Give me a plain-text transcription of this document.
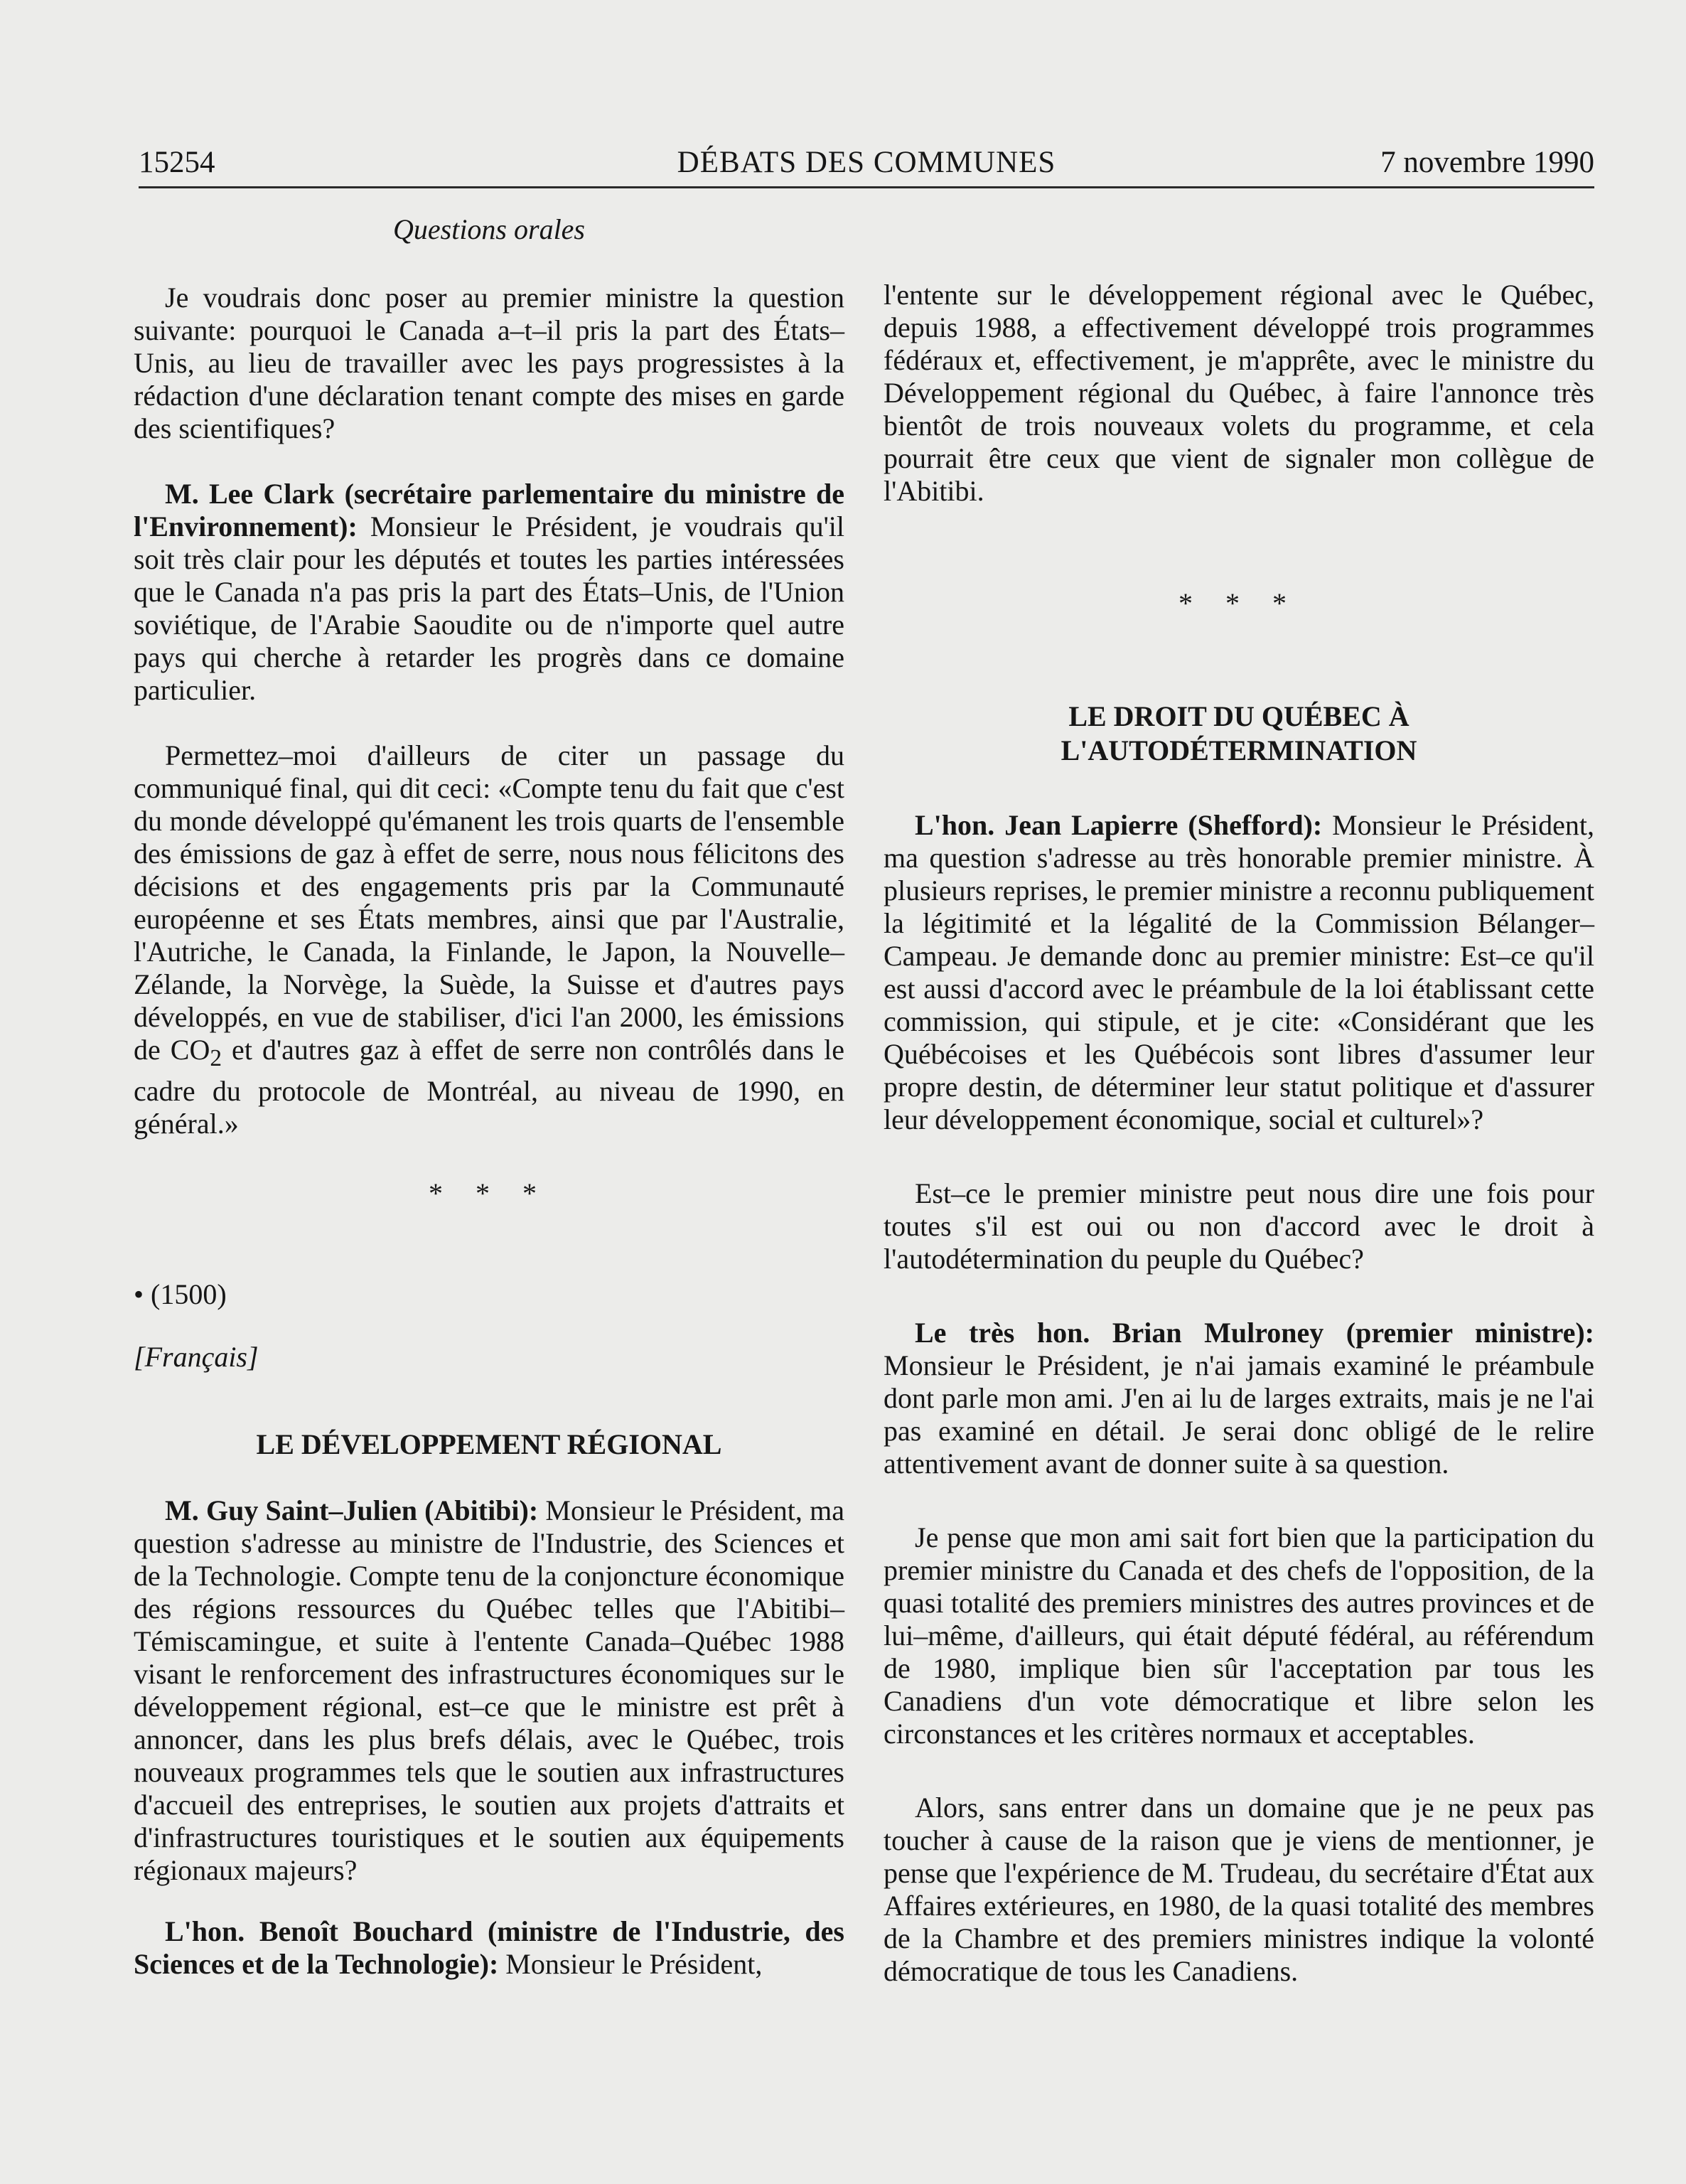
15254	DÉBATS DES COMMUNES	7 novembre 1990
Questions orales

Je voudrais donc poser au premier ministre la question suivante: pourquoi le Canada a–t–il pris la part des États–Unis, au lieu de travailler avec les pays progressistes à la rédaction d'une déclaration tenant compte des mises en garde des scientifiques?

M. Lee Clark (secrétaire parlementaire du ministre de l'Environnement): Monsieur le Président, je voudrais qu'il soit très clair pour les députés et toutes les parties intéressées que le Canada n'a pas pris la part des États–Unis, de l'Union soviétique, de l'Arabie Saoudite ou de n'importe quel autre pays qui cherche à retarder les progrès dans ce domaine particulier.

Permettez–moi d'ailleurs de citer un passage du communiqué final, qui dit ceci: «Compte tenu du fait que c'est du monde développé qu'émanent les trois quarts de l'ensemble des émissions de gaz à effet de serre, nous nous félicitons des décisions et des engagements pris par la Communauté européenne et ses États membres, ainsi que par l'Australie, l'Autriche, le Canada, la Finlande, le Japon, la Nouvelle–Zélande, la Norvège, la Suède, la Suisse et d'autres pays développés, en vue de stabiliser, d'ici l'an 2000, les émissions de $CO_2$ et d'autres gaz à effet de serre non contrôlés dans le cadre du protocole de Montréal, au niveau de 1990, en général.»

* * *
• (1500)
[Français]
LE DÉVELOPPEMENT RÉGIONAL

M. Guy Saint–Julien (Abitibi): Monsieur le Président, ma question s'adresse au ministre de l'Industrie, des Sciences et de la Technologie. Compte tenu de la conjoncture économique des régions ressources du Québec telles que l'Abitibi–Témiscamingue, et suite à l'entente Canada–Québec 1988 visant le renforcement des infrastructures économiques sur le développement régional, est–ce que le ministre est prêt à annoncer, dans les plus brefs délais, avec le Québec, trois nouveaux programmes tels que le soutien aux infrastructures d'accueil des entreprises, le soutien aux projets d'attraits et d'infrastructures touristiques et le soutien aux équipements régionaux majeurs?

L'hon. Benoît Bouchard (ministre de l'Industrie, des Sciences et de la Technologie): Monsieur le Président,

l'entente sur le développement régional avec le Québec, depuis 1988, a effectivement développé trois programmes fédéraux et, effectivement, je m'apprête, avec le ministre du Développement régional du Québec, à faire l'annonce très bientôt de trois nouveaux volets du programme, et cela pourrait être ceux que vient de signaler mon collègue de l'Abitibi.

* * *
LE DROIT DU QUÉBEC À
L'AUTODÉTERMINATION

L'hon. Jean Lapierre (Shefford): Monsieur le Président, ma question s'adresse au très honorable premier ministre. À plusieurs reprises, le premier ministre a reconnu publiquement la légitimité et la légalité de la Commission Bélanger–Campeau. Je demande donc au premier ministre: Est–ce qu'il est aussi d'accord avec le préambule de la loi établissant cette commission, qui stipule, et je cite: «Considérant que les Québécoises et les Québécois sont libres d'assumer leur propre destin, de déterminer leur statut politique et d'assurer leur développement économique, social et culturel»?

Est–ce le premier ministre peut nous dire une fois pour toutes s'il est oui ou non d'accord avec le droit à l'autodétermination du peuple du Québec?

Le très hon. Brian Mulroney (premier ministre): Monsieur le Président, je n'ai jamais examiné le préambule dont parle mon ami. J'en ai lu de larges extraits, mais je ne l'ai pas examiné en détail. Je serai donc obligé de le relire attentivement avant de donner suite à sa question.

Je pense que mon ami sait fort bien que la participation du premier ministre du Canada et des chefs de l'opposition, de la quasi totalité des premiers ministres des autres provinces et de lui–même, d'ailleurs, qui était député fédéral, au référendum de 1980, implique bien sûr l'acceptation par tous les Canadiens d'un vote démocratique et libre selon les circonstances et les critères normaux et acceptables.

Alors, sans entrer dans un domaine que je ne peux pas toucher à cause de la raison que je viens de mentionner, je pense que l'expérience de M. Trudeau, du secrétaire d'État aux Affaires extérieures, en 1980, de la quasi totalité des membres de la Chambre et des premiers ministres indique la volonté démocratique de tous les Canadiens.
